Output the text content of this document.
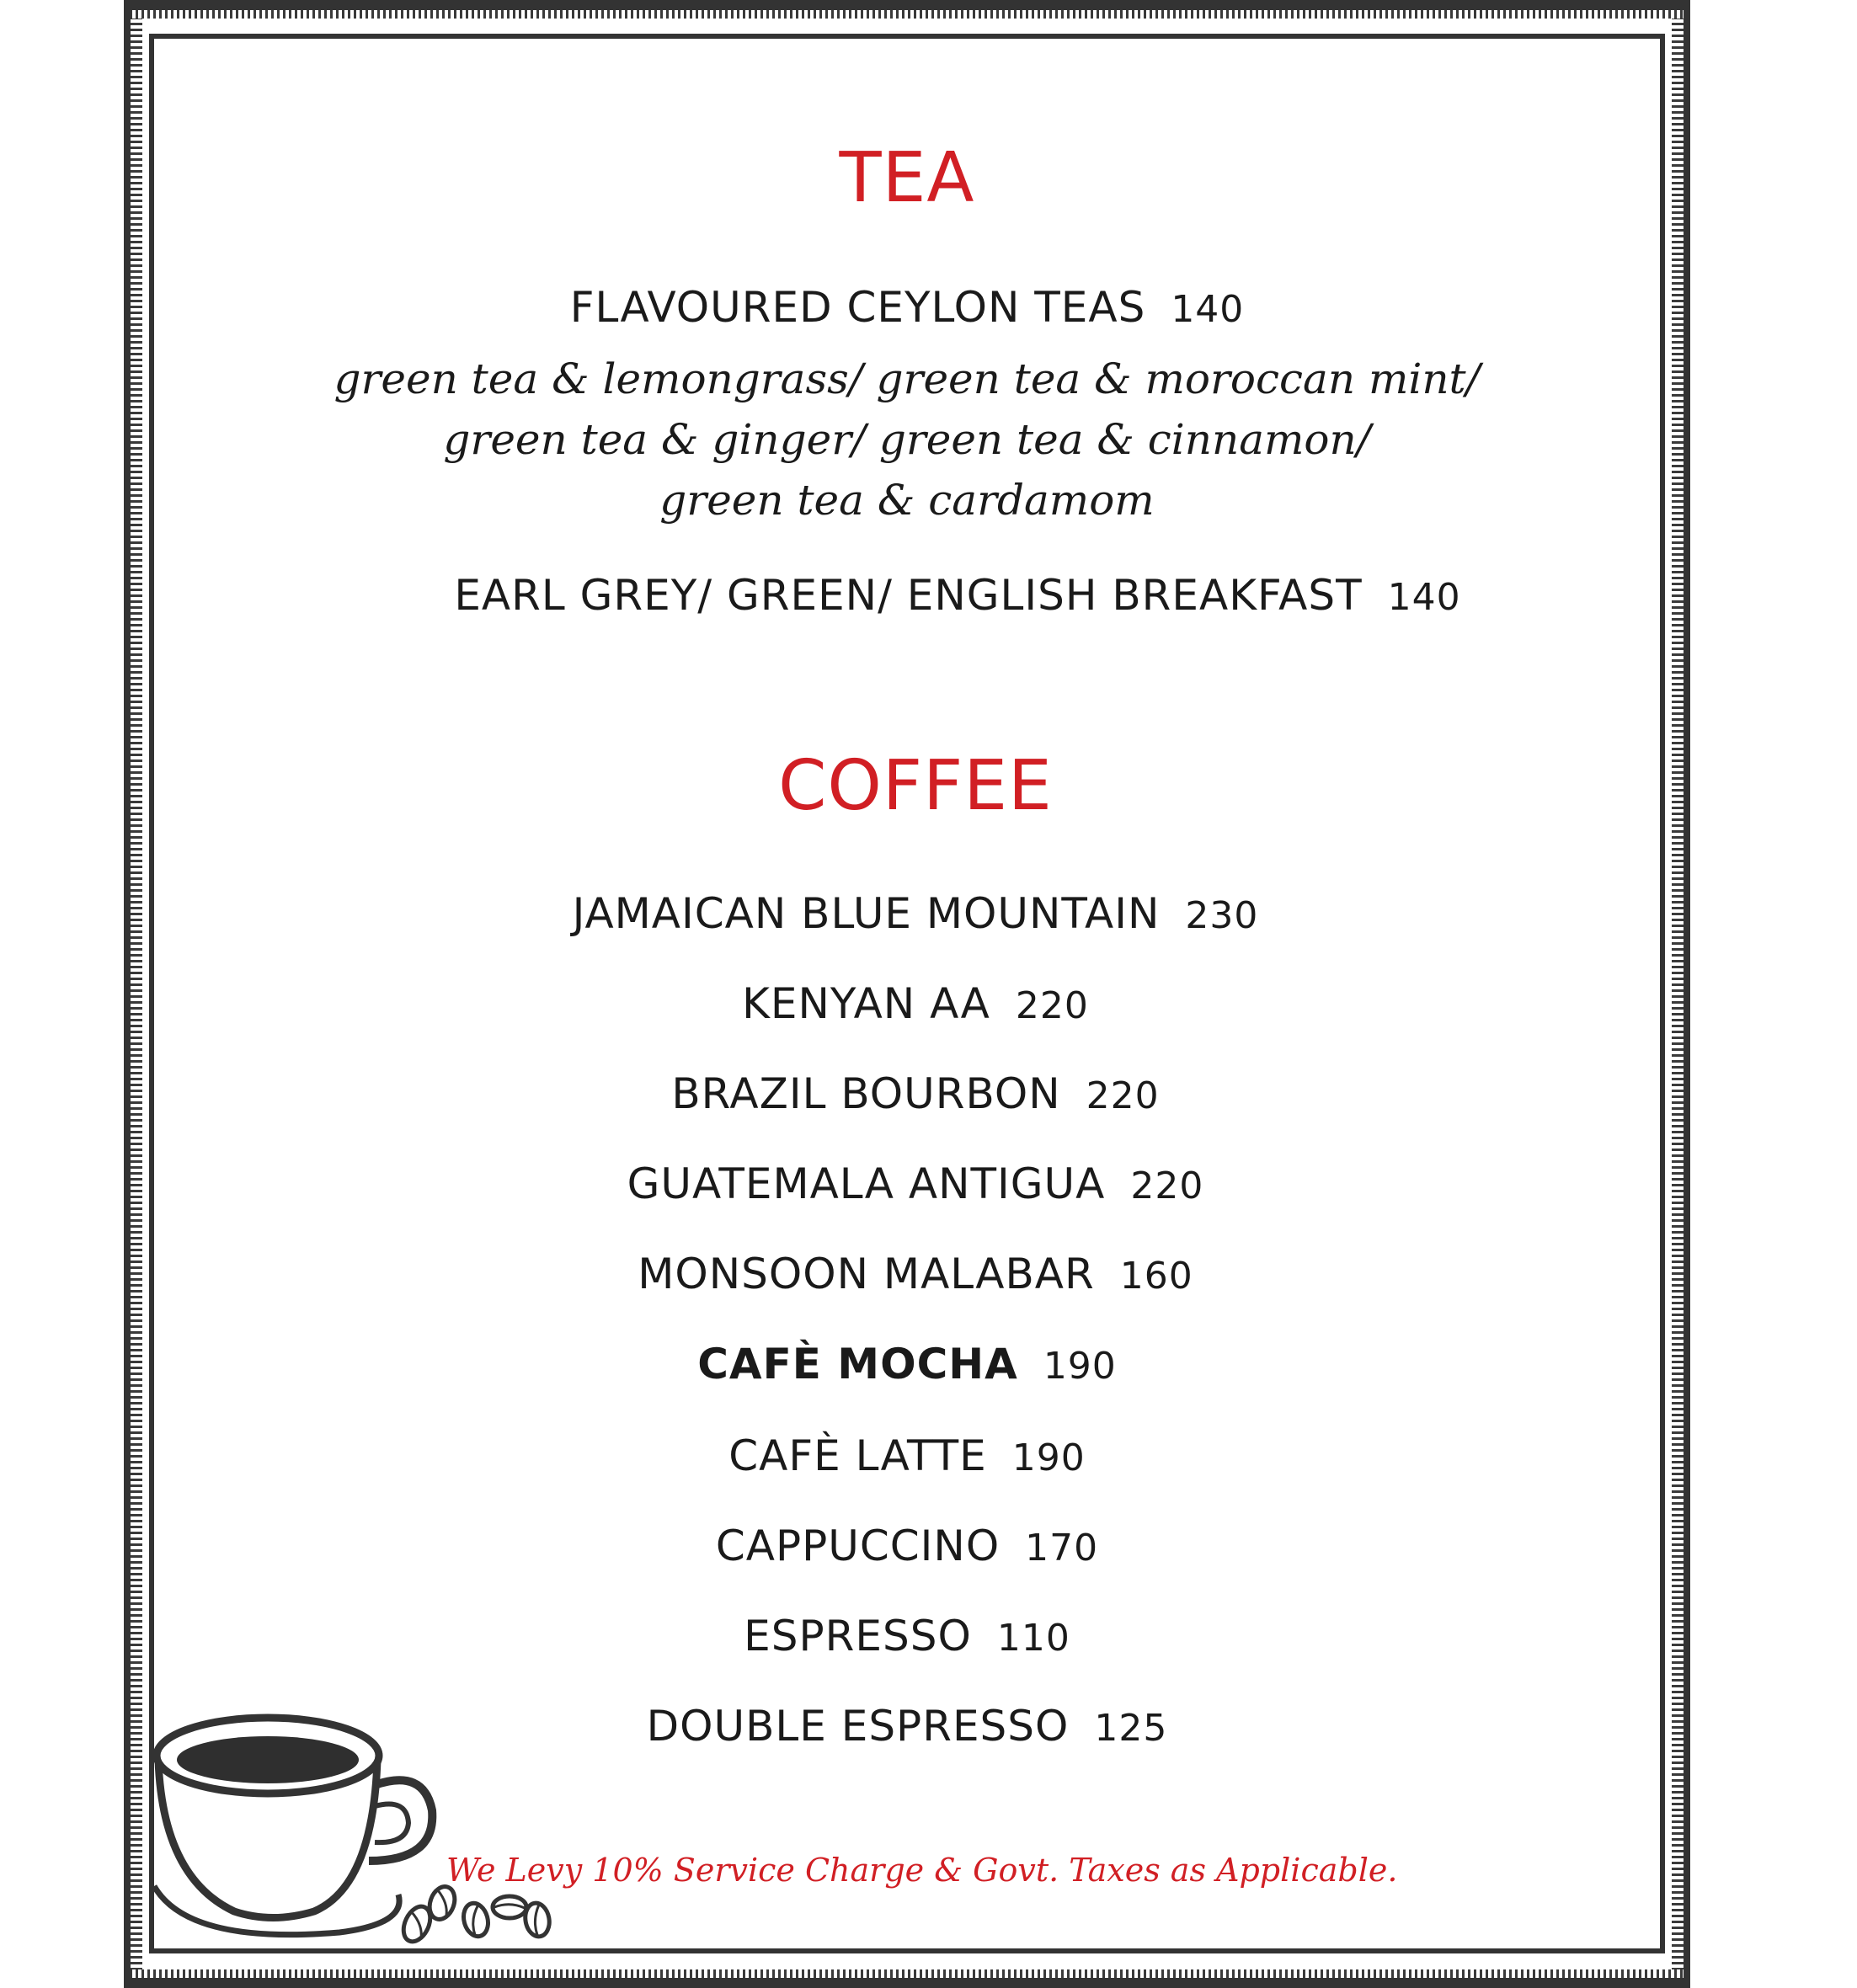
TEA
FLAVOURED CEYLON TEAS 140
green tea & lemongrass/ green tea & moroccan mint/
green tea & ginger/ green tea & cinnamon/
green tea & cardamom
EARL GREY/ GREEN/ ENGLISH BREAKFAST 140
COFFEE
JAMAICAN BLUE MOUNTAIN 230
KENYAN AA 220
BRAZIL BOURBON 220
GUATEMALA ANTIGUA 220
MONSOON MALABAR 160
CAFÈ MOCHA 190
CAFÈ LATTE 190
CAPPUCCINO 170
ESPRESSO 110
DOUBLE ESPRESSO 125
We Levy 10% Service Charge & Govt. Taxes as Applicable.
